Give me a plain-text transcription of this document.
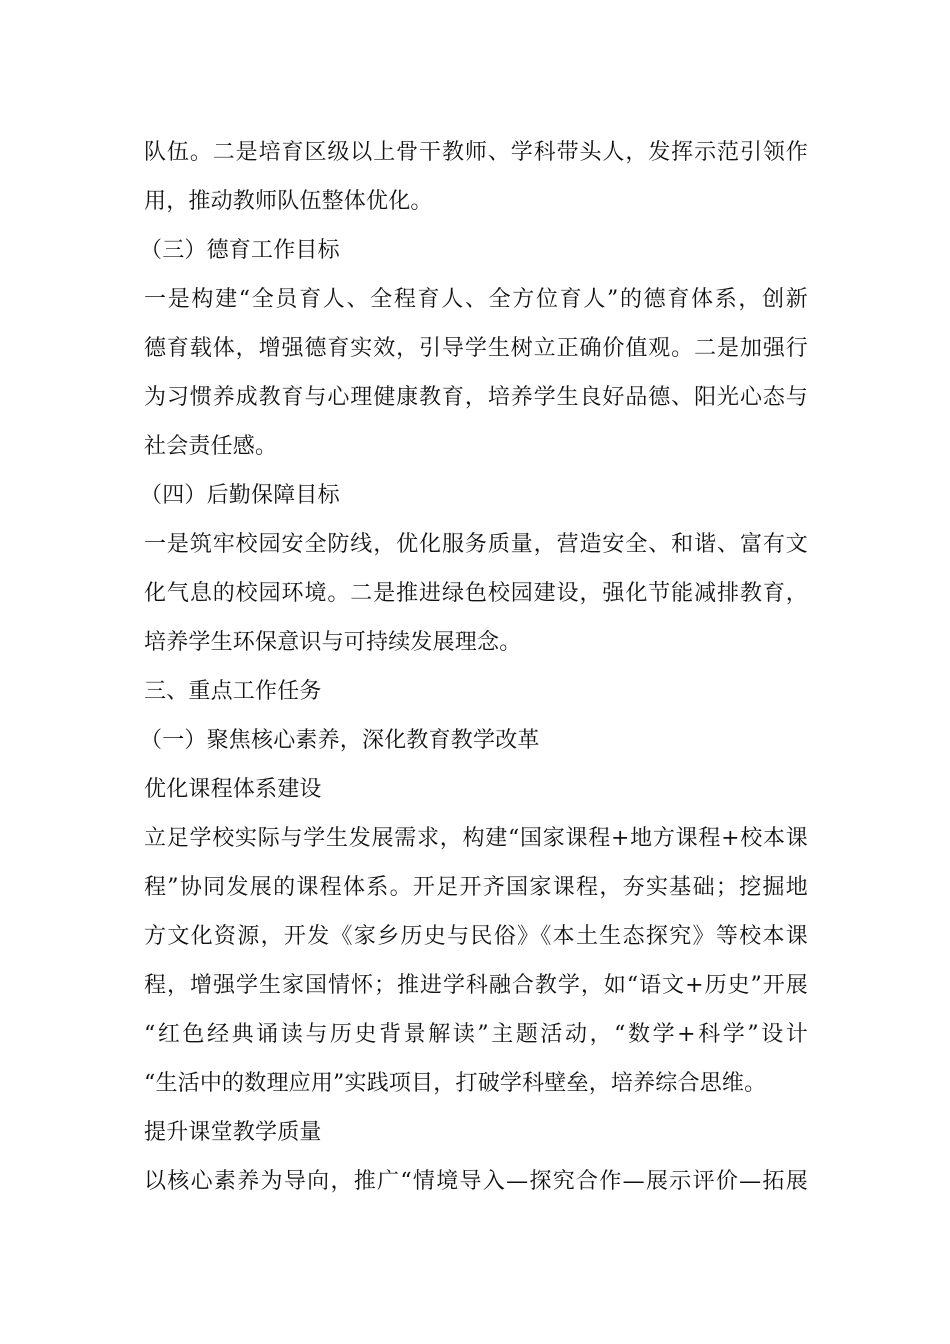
队伍。二是培育区级以上骨干教师、学科带头人，发挥示范引领作
用，推动教师队伍整体优化。
（三）德育工作目标
一是构建“全员育人、全程育人、全方位育人”的德育体系，创新
德育载体，增强德育实效，引导学生树立正确价值观。二是加强行
为习惯养成教育与心理健康教育，培养学生良好品德、阳光心态与
社会责任感。
（四）后勤保障目标
一是筑牢校园安全防线，优化服务质量，营造安全、和谐、富有文
化气息的校园环境。二是推进绿色校园建设，强化节能减排教育，
培养学生环保意识与可持续发展理念。
三、重点工作任务
（一）聚焦核心素养，深化教育教学改革
优化课程体系建设
立足学校实际与学生发展需求，构建“国家课程+地方课程+校本课
程”协同发展的课程体系。开足开齐国家课程，夯实基础；挖掘地
方文化资源，开发《家乡历史与民俗》《本土生态探究》等校本课
程，增强学生家国情怀；推进学科融合教学，如“语文+历史”开展
“红色经典诵读与历史背景解读”主题活动，“数学+科学”设计
“生活中的数理应用”实践项目，打破学科壁垒，培养综合思维。
提升课堂教学质量
以核心素养为导向，推广“情境导入—探究合作—展示评价—拓展
